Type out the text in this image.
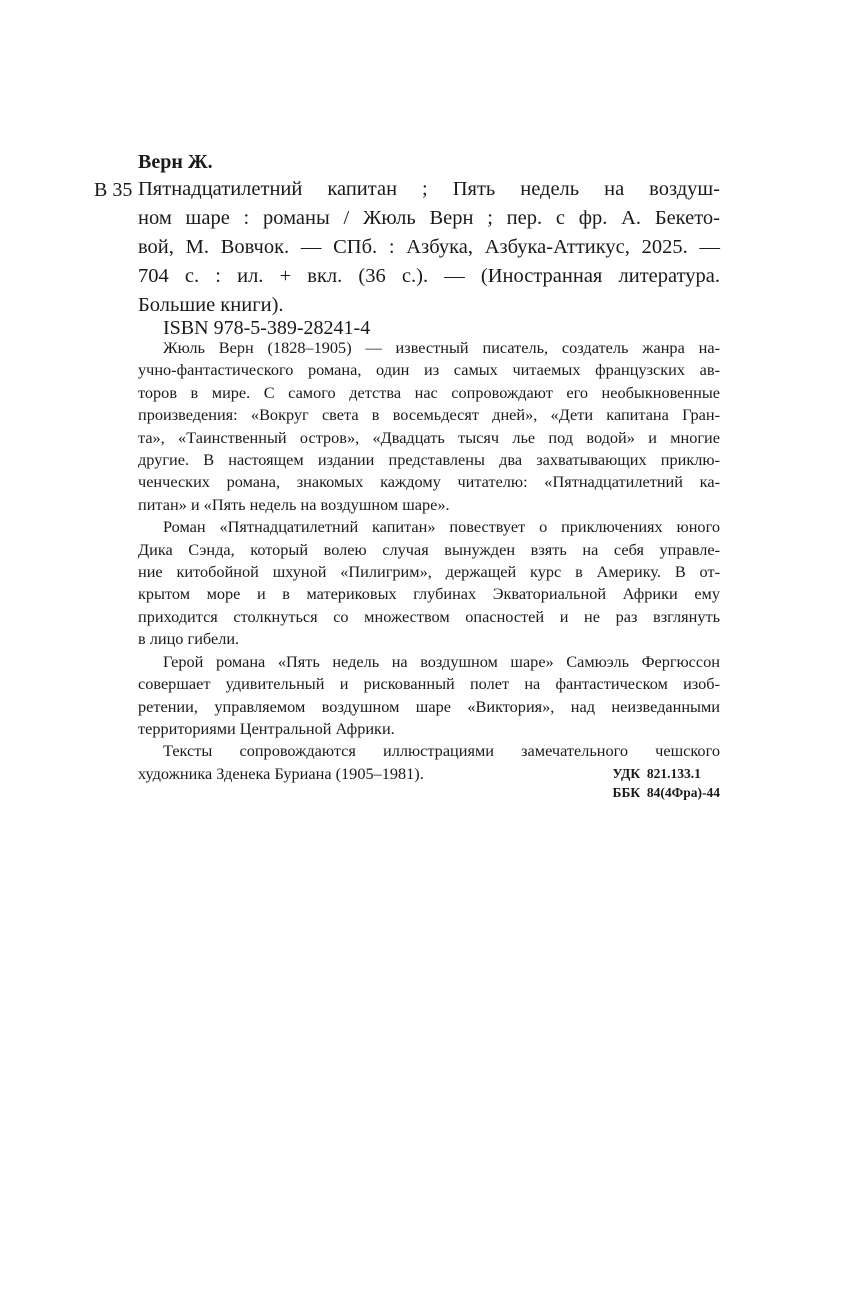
Верн Ж.
В 35 Пятнадцатилетний капитан ; Пять недель на воздуш-
ном шаре : романы / Жюль Верн ; пер. с фр. А. Бекето-
вой, М. Вовчок. — СПб. : Азбука, Азбука-Аттикус, 2025. —
704 с. : ил. + вкл. (36 с.). — (Иностранная литература.
Большие книги).
ISBN 978-5-389-28241-4

Жюль Верн (1828–1905) — известный писатель, создатель жанра на-
учно-фантастического романа, один из самых читаемых французских ав-
торов в мире. С самого детства нас сопровождают его необыкновенные
произведения: «Вокруг света в восемьдесят дней», «Дети капитана Гран-
та», «Таинственный остров», «Двадцать тысяч лье под водой» и многие
другие. В настоящем издании представлены два захватывающих приклю-
ченческих романа, знакомых каждому читателю: «Пятнадцатилетний ка-
питан» и «Пять недель на воздушном шаре».

Роман «Пятнадцатилетний капитан» повествует о приключениях юного
Дика Сэнда, который волею случая вынужден взять на себя управле-
ние китобойной шхуной «Пилигрим», держащей курс в Америку. В от-
крытом море и в материковых глубинах Экваториальной Африки ему
приходится столкнуться со множеством опасностей и не раз взглянуть
в лицо гибели.

Герой романа «Пять недель на воздушном шаре» Самюэль Фергюссон
совершает удивительный и рискованный полет на фантастическом изоб-
ретении, управляемом воздушном шаре «Виктория», над неизведанными
территориями Центральной Африки.

Тексты сопровождаются иллюстрациями замечательного чешского
художника Зденека Буриана (1905–1981).	УДК  821.133.1
ББК  84(4Фра)-44
